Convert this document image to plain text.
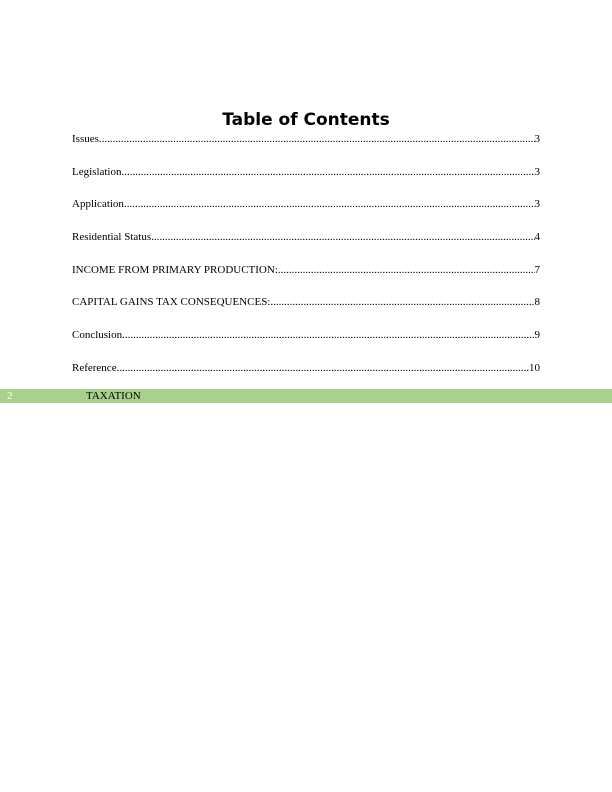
Table of Contents
Issues .....	3
Legislation .....	3
Application .....	3
Residential Status .....	4
INCOME FROM PRIMARY PRODUCTION: .....	7
CAPITAL GAINS TAX CONSEQUENCES: .....	8
Conclusion .....	9
Reference .....	10
2	TAXATION
